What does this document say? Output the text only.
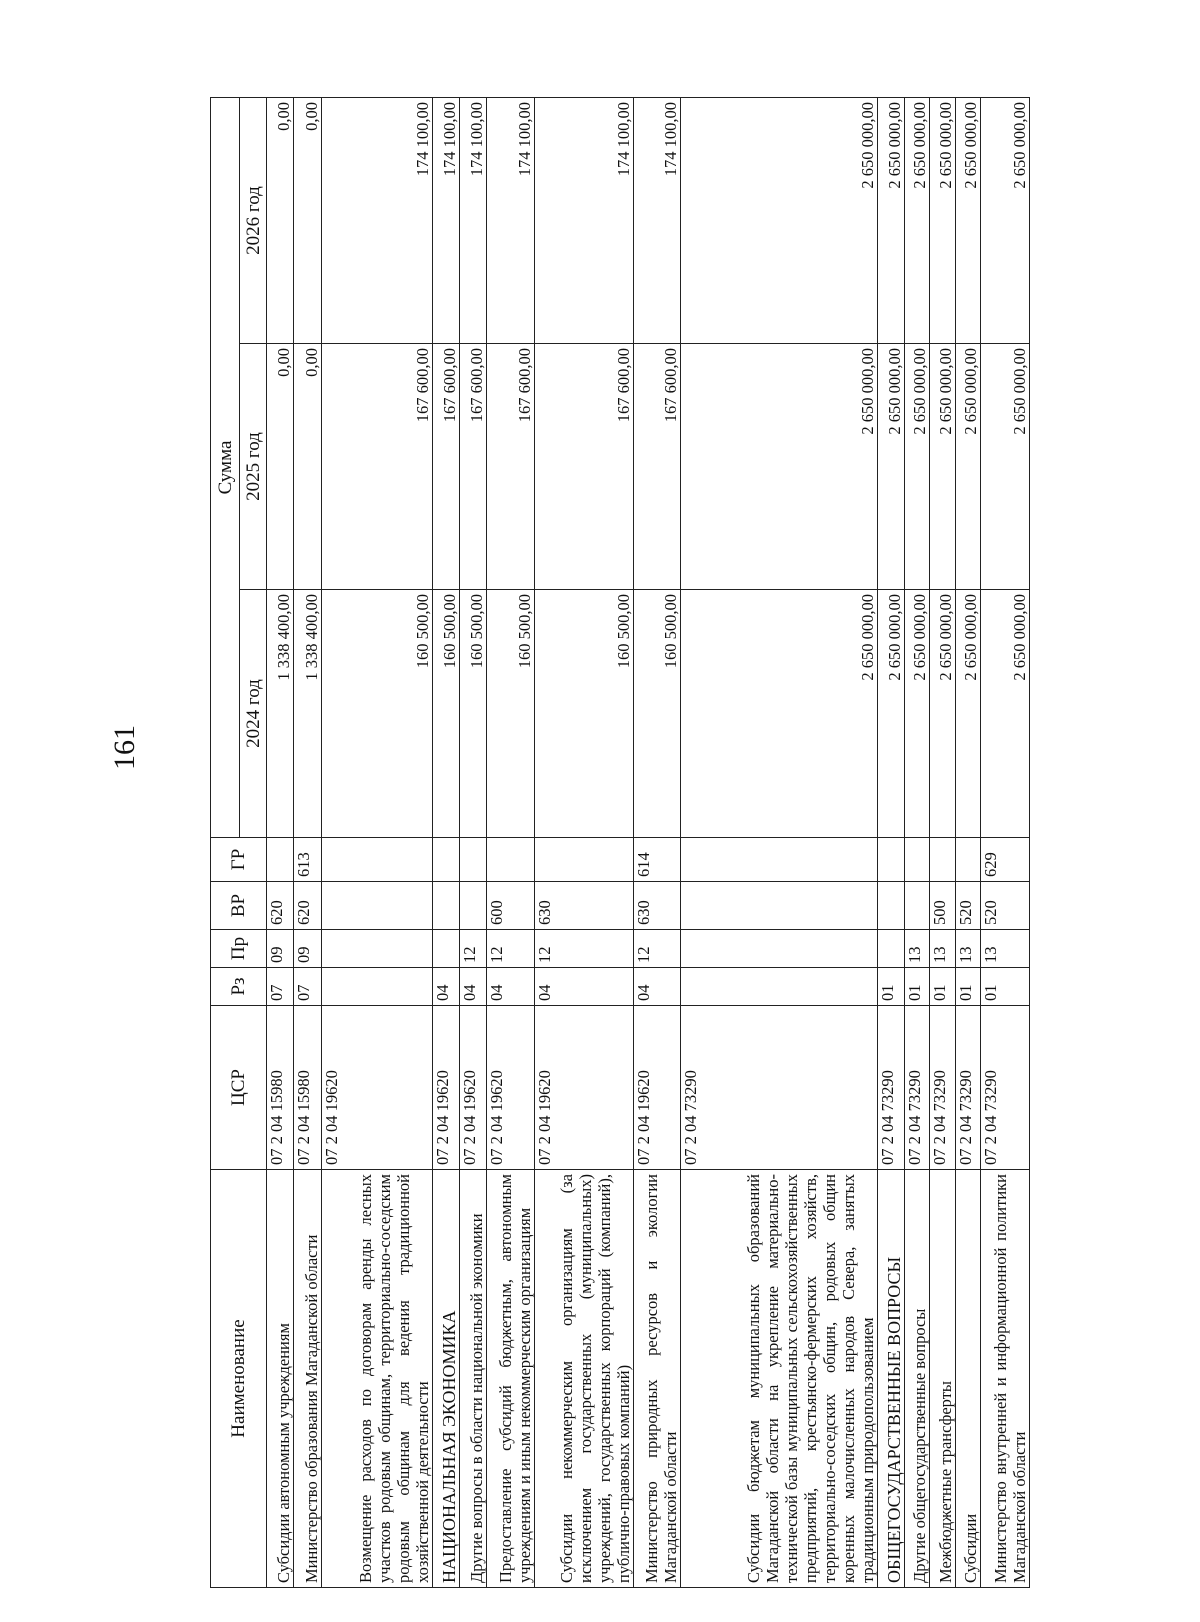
161
Наименование	ЦСР	Рз	Пр	ВР	ГР	Сумма		
						2024 год	2025 год	2026 год
Субсидии автономным учреждениям	07 2 04 15980	07	09	620		1 338 400,00	0,00	0,00
Министерство образования Магаданской области	07 2 04 15980	07	09	620	613	1 338 400,00	0,00	0,00
Возмещение расходов по договорам аренды лесных участков родовым общинам, территориально-соседским родовым общинам для ведения традиционной хозяйственной деятельности	07 2 04 19620					160 500,00	167 600,00	174 100,00
НАЦИОНАЛЬНАЯ ЭКОНОМИКА	07 2 04 19620	04				160 500,00	167 600,00	174 100,00
Другие вопросы в области национальной экономики	07 2 04 19620	04	12			160 500,00	167 600,00	174 100,00
Предоставление субсидий бюджетным, автономным учреждениям и иным некоммерческим организациям	07 2 04 19620	04	12	600		160 500,00	167 600,00	174 100,00
Субсидии некоммерческим организациям (за исключением государственных (муниципальных) учреждений, государственных корпораций (компаний), публично-правовых компаний)	07 2 04 19620	04	12	630		160 500,00	167 600,00	174 100,00
Министерство природных ресурсов и экологии Магаданской области	07 2 04 19620	04	12	630	614	160 500,00	167 600,00	174 100,00
Субсидии бюджетам муниципальных образований Магаданской области на укрепление материально-технической базы муниципальных сельскохозяйственных предприятий, крестьянско-фермерских хозяйств, территориально-соседских общин, родовых общин коренных малочисленных народов Севера, занятых традиционным природопользованием	07 2 04 73290					2 650 000,00	2 650 000,00	2 650 000,00
ОБЩЕГОСУДАРСТВЕННЫЕ ВОПРОСЫ	07 2 04 73290	01				2 650 000,00	2 650 000,00	2 650 000,00
Другие общегосударственные вопросы	07 2 04 73290	01	13			2 650 000,00	2 650 000,00	2 650 000,00
Межбюджетные трансферты	07 2 04 73290	01	13	500		2 650 000,00	2 650 000,00	2 650 000,00
Субсидии	07 2 04 73290	01	13	520		2 650 000,00	2 650 000,00	2 650 000,00
Министерство внутренней и информационной политики Магаданской области	07 2 04 73290	01	13	520	629	2 650 000,00	2 650 000,00	2 650 000,00
